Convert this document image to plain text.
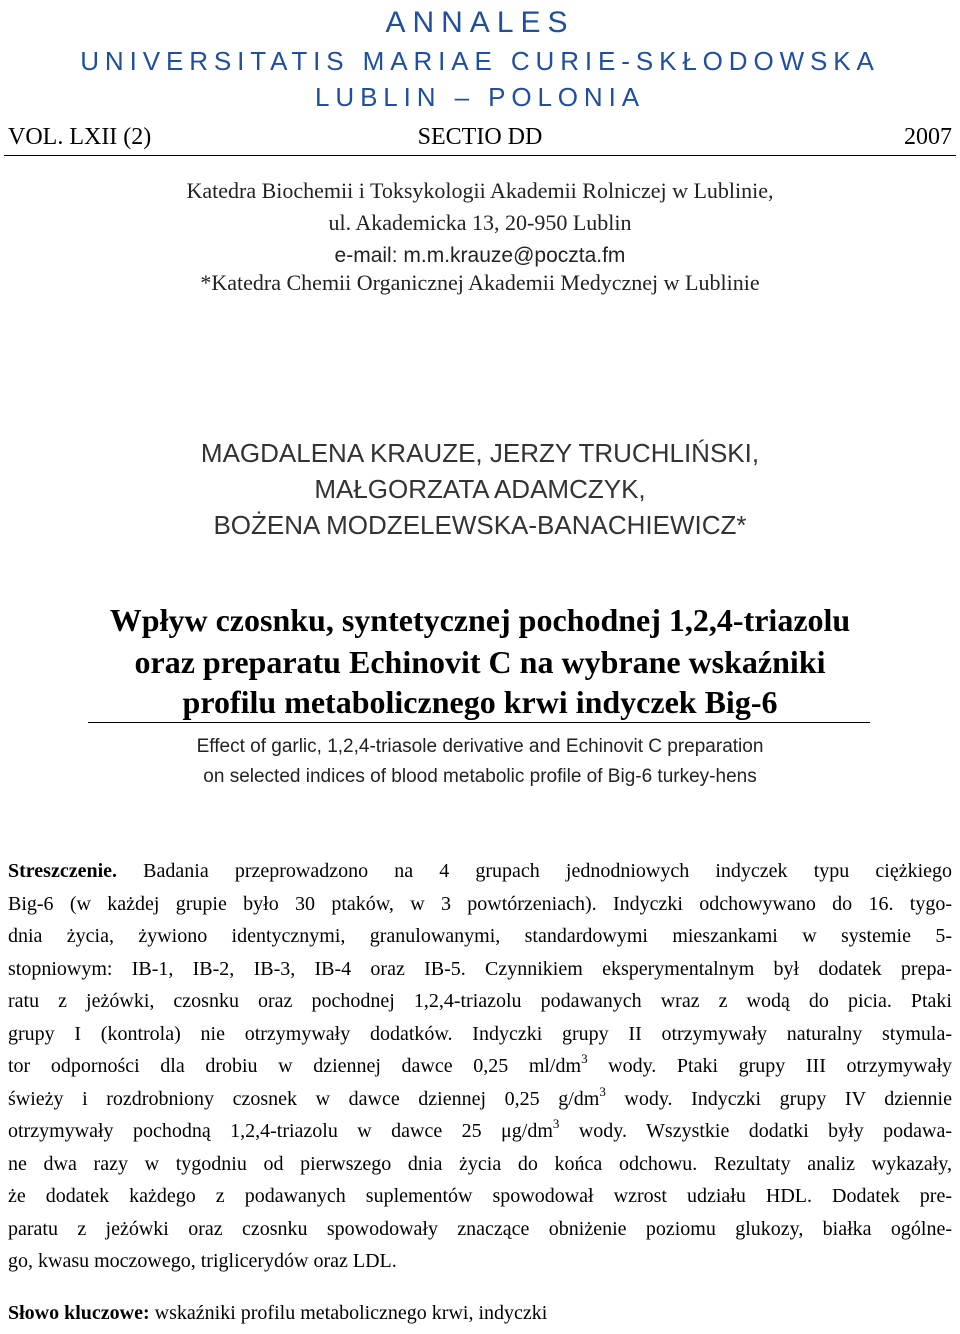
ANNALES
UNIVERSITATIS MARIAE CURIE-SKŁODOWSKA
LUBLIN – POLONIA
VOL. LXII (2)	SECTIO DD	2007
Katedra Biochemii i Toksykologii Akademii Rolniczej w Lublinie,
ul. Akademicka 13, 20-950 Lublin
e-mail: m.m.krauze@poczta.fm
*Katedra Chemii Organicznej Akademii Medycznej w Lublinie
MAGDALENA KRAUZE, JERZY TRUCHLIŃSKI,
MAŁGORZATA ADAMCZYK,
BOŻENA MODZELEWSKA-BANACHIEWICZ*
Wpływ czosnku, syntetycznej pochodnej 1,2,4-triazolu
oraz preparatu Echinovit C na wybrane wskaźniki
profilu metabolicznego krwi indyczek Big-6
Effect of garlic, 1,2,4-triasole derivative and Echinovit C preparation
on selected indices of blood metabolic profile of Big-6 turkey-hens
Streszczenie. Badania przeprowadzono na 4 grupach jednodniowych indyczek typu ciężkiego
Big-6 (w każdej grupie było 30 ptaków, w 3 powtórzeniach). Indyczki odchowywano do 16. tygo-
dnia życia, żywiono identycznymi, granulowanymi, standardowymi mieszankami w systemie 5-
stopniowym: IB-1, IB-2, IB-3, IB-4 oraz IB-5. Czynnikiem eksperymentalnym był dodatek prepa-
ratu z jeżówki, czosnku oraz pochodnej 1,2,4-triazolu podawanych wraz z wodą do picia. Ptaki
grupy I (kontrola) nie otrzymywały dodatków. Indyczki grupy II otrzymywały naturalny stymula-
tor odporności dla drobiu w dziennej dawce 0,25 $ml/dm^3$ wody. Ptaki grupy III otrzymywały
świeży i rozdrobniony czosnek w dawce dziennej 0,25 $g/dm^3$ wody. Indyczki grupy IV dziennie
otrzymywały pochodną 1,2,4-triazolu w dawce 25 $\mu g/dm^3$ wody. Wszystkie dodatki były podawa-
ne dwa razy w tygodniu od pierwszego dnia życia do końca odchowu. Rezultaty analiz wykazały,
że dodatek każdego z podawanych suplementów spowodował wzrost udziału HDL. Dodatek pre-
paratu z jeżówki oraz czosnku spowodowały znaczące obniżenie poziomu glukozy, białka ogólne-
go, kwasu moczowego, triglicerydów oraz LDL.
Słowo kluczowe: wskaźniki profilu metabolicznego krwi, indyczki
